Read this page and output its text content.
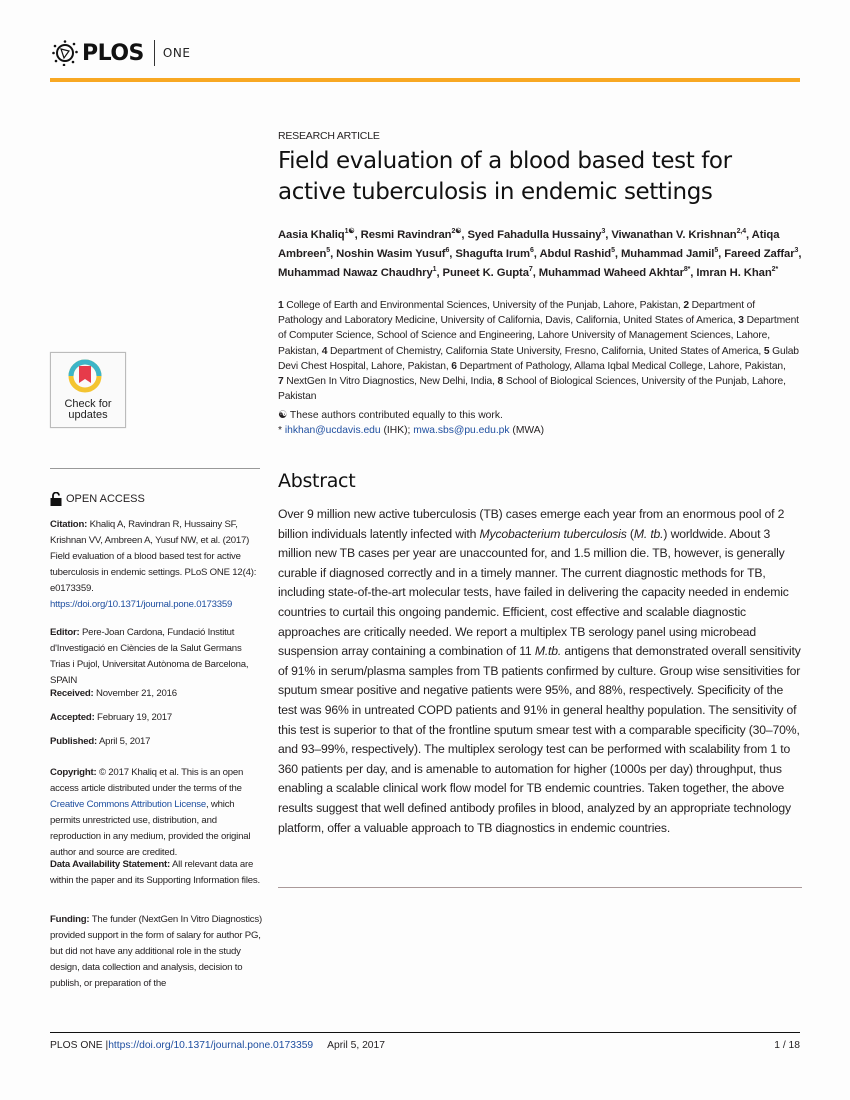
PLOS ONE
Check for updates
OPEN ACCESS
Citation: Khaliq A, Ravindran R, Hussainy SF, Krishnan VV, Ambreen A, Yusuf NW, et al. (2017) Field evaluation of a blood based test for active tuberculosis in endemic settings. PLoS ONE 12(4): e0173359. https://doi.org/10.1371/journal.pone.0173359
Editor: Pere-Joan Cardona, Fundació Institut d'Investigació en Ciències de la Salut Germans Trias i Pujol, Universitat Autònoma de Barcelona, SPAIN
Received: November 21, 2016
Accepted: February 19, 2017
Published: April 5, 2017
Copyright: © 2017 Khaliq et al. This is an open access article distributed under the terms of the Creative Commons Attribution License, which permits unrestricted use, distribution, and reproduction in any medium, provided the original author and source are credited.
Data Availability Statement: All relevant data are within the paper and its Supporting Information files.
Funding: The funder (NextGen In Vitro Diagnostics) provided support in the form of salary for author PG, but did not have any additional role in the study design, data collection and analysis, decision to publish, or preparation of the
RESEARCH ARTICLE
Field evaluation of a blood based test for active tuberculosis in endemic settings
Aasia Khaliq$^{1☯}$, Resmi Ravindran$^{2☯}$, Syed Fahadulla Hussainy$^3$, Viwanathan V. Krishnan$^{2,4}$, Atiqa Ambreen$^5$, Noshin Wasim Yusuf$^6$, Shagufta Irum$^6$, Abdul Rashid$^5$, Muhammad Jamil$^5$, Fareed Zaffar$^3$, Muhammad Nawaz Chaudhry$^1$, Puneet K. Gupta$^7$, Muhammad Waheed Akhtar$^{8*}$, Imran H. Khan$^{2*}$
1 College of Earth and Environmental Sciences, University of the Punjab, Lahore, Pakistan, 2 Department of Pathology and Laboratory Medicine, University of California, Davis, California, United States of America, 3 Department of Computer Science, School of Science and Engineering, Lahore University of Management Sciences, Lahore, Pakistan, 4 Department of Chemistry, California State University, Fresno, California, United States of America, 5 Gulab Devi Chest Hospital, Lahore, Pakistan, 6 Department of Pathology, Allama Iqbal Medical College, Lahore, Pakistan, 7 NextGen In Vitro Diagnostics, New Delhi, India, 8 School of Biological Sciences, University of the Punjab, Lahore, Pakistan
☯ These authors contributed equally to this work.
* ihkhan@ucdavis.edu (IHK); mwa.sbs@pu.edu.pk (MWA)
Abstract

Over 9 million new active tuberculosis (TB) cases emerge each year from an enormous pool of 2 billion individuals latently infected with Mycobacterium tuberculosis (M. tb.) worldwide. About 3 million new TB cases per year are unaccounted for, and 1.5 million die. TB, however, is generally curable if diagnosed correctly and in a timely manner. The current diagnostic methods for TB, including state-of-the-art molecular tests, have failed in delivering the capacity needed in endemic countries to curtail this ongoing pandemic. Efficient, cost effective and scalable diagnostic approaches are critically needed. We report a multiplex TB serology panel using microbead suspension array containing a combination of 11 M.tb. antigens that demonstrated overall sensitivity of 91% in serum/plasma samples from TB patients confirmed by culture. Group wise sensitivities for sputum smear positive and negative patients were 95%, and 88%, respectively. Specificity of the test was 96% in untreated COPD patients and 91% in general healthy population. The sensitivity of this test is superior to that of the frontline sputum smear test with a comparable specificity (30–70%, and 93–99%, respectively). The multiplex serology test can be performed with scalability from 1 to 360 patients per day, and is amenable to automation for higher (1000s per day) throughput, thus enabling a scalable clinical work flow model for TB endemic countries. Taken together, the above results suggest that well defined antibody profiles in blood, analyzed by an appropriate technology platform, offer a valuable approach to TB diagnostics in endemic countries.

PLOS ONE | https://doi.org/10.1371/journal.pone.0173359 April 5, 2017	1 / 18
